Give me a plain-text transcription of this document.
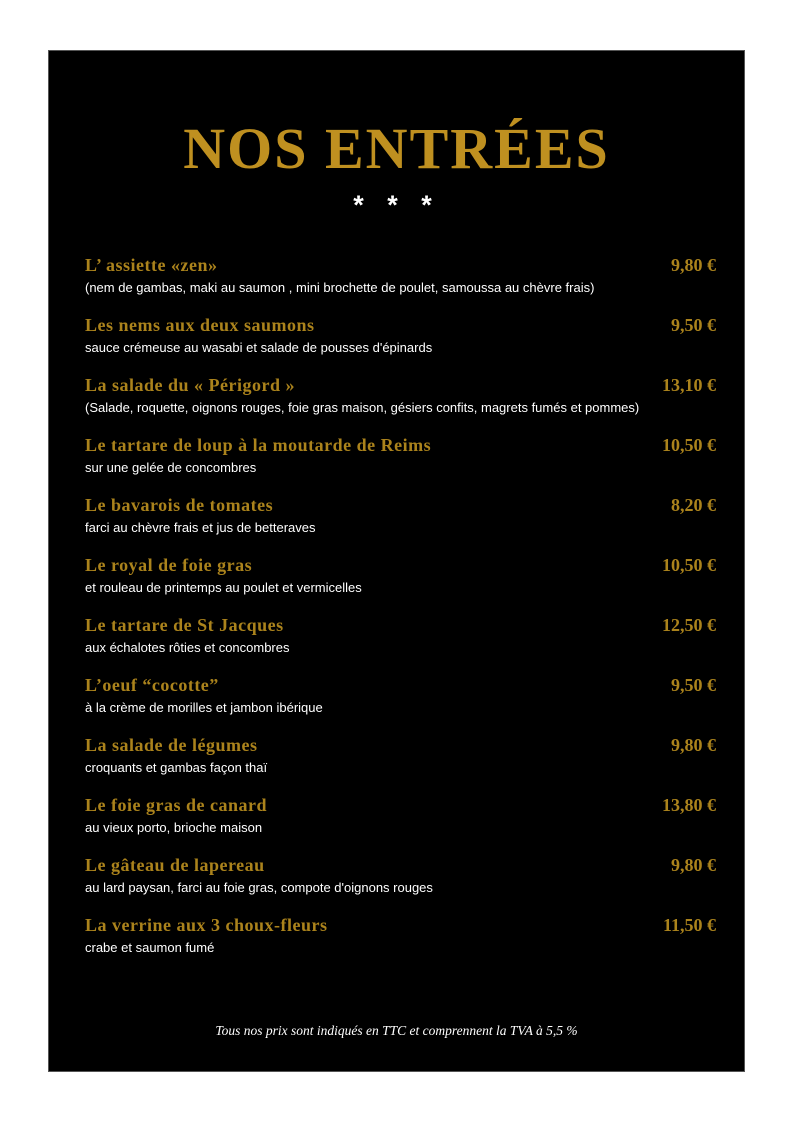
NOS ENTRÉES
* * *
L’ assiette «zen»	9,80 €
(nem de gambas, maki au saumon , mini brochette de poulet, samoussa au chèvre frais)
Les nems aux deux saumons	9,50 €
sauce crémeuse au wasabi et salade de pousses d'épinards
La salade du « Périgord »	13,10 €
(Salade, roquette, oignons rouges, foie gras maison, gésiers confits, magrets fumés et pommes)
Le tartare de loup à la moutarde de Reims	10,50 €
sur une gelée de concombres
Le bavarois de tomates	8,20 €
farci au chèvre frais et jus de betteraves
Le royal de foie gras	10,50 €
et rouleau de printemps au poulet et vermicelles
Le tartare de St Jacques	12,50 €
aux échalotes rôties et concombres
L’oeuf “cocotte”	9,50 €
à la crème de morilles et jambon ibérique
La salade de légumes	9,80 €
croquants et gambas façon thaï
Le foie gras de canard	13,80 €
au vieux porto, brioche maison
Le gâteau de lapereau	9,80 €
au lard paysan, farci au foie gras, compote d'oignons rouges
La verrine aux 3 choux-fleurs	11,50 €
crabe et saumon fumé
Tous nos prix sont indiqués en TTC et comprennent la TVA à 5,5 %
